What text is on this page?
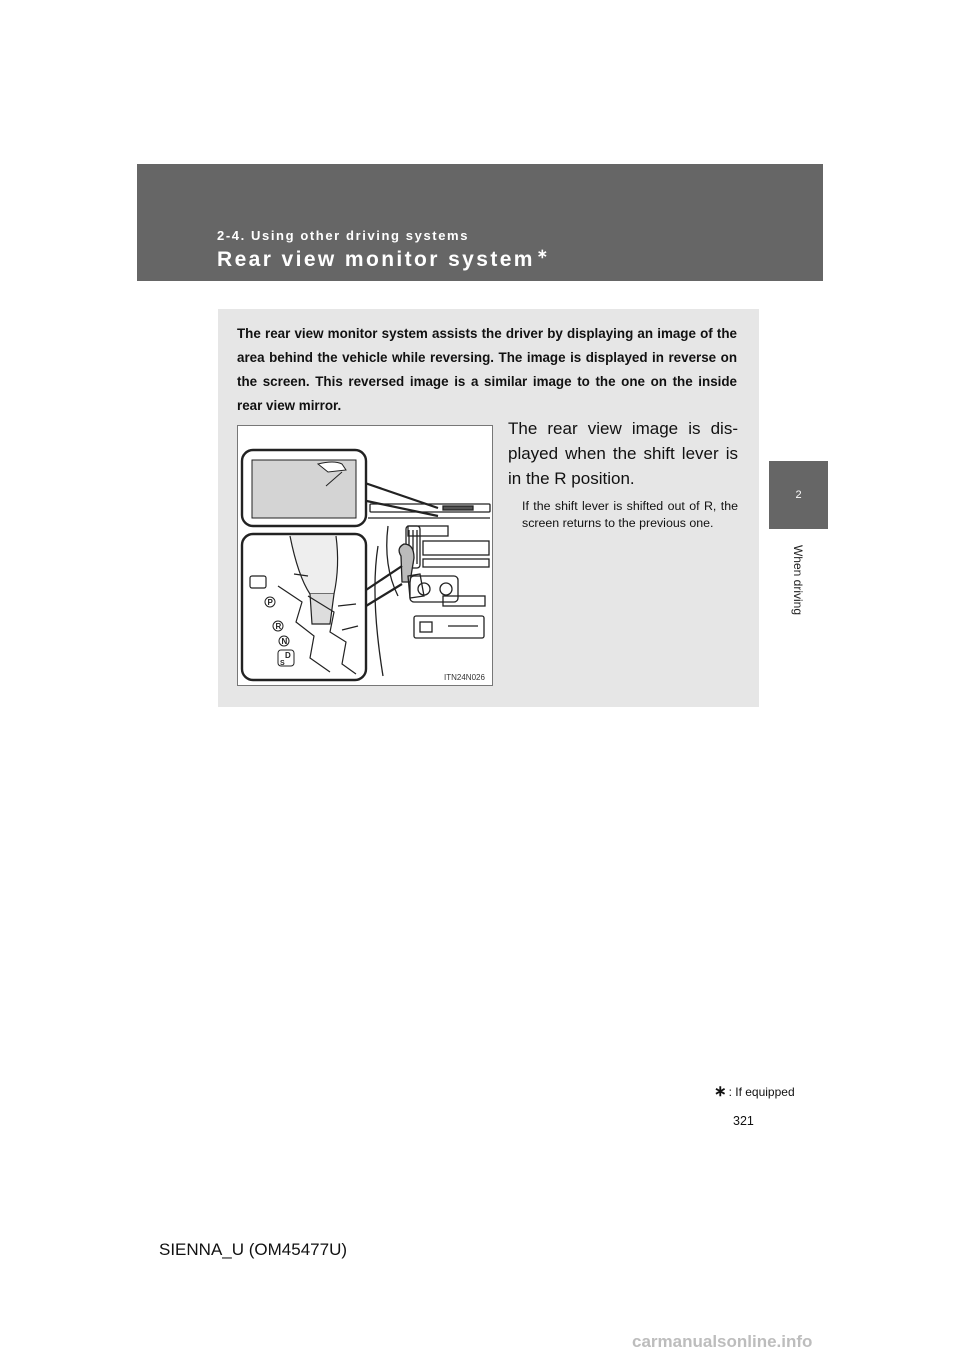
2-4. Using other driving systems
Rear view monitor system ∗
2
When driving

The rear view monitor system assists the driver by displaying an image of the area behind the vehicle while reversing. The image is displayed in reverse on the screen. This reversed image is a similar image to the one on the inside rear view mirror.

P
R
N
D
S
ITN24N026

The rear view image is dis-played when the shift lever is in the R position.

If the shift lever is shifted out of R, the screen returns to the previous one.

∗ : If equipped
321
SIENNA_U (OM45477U)
carmanualsonline.info
